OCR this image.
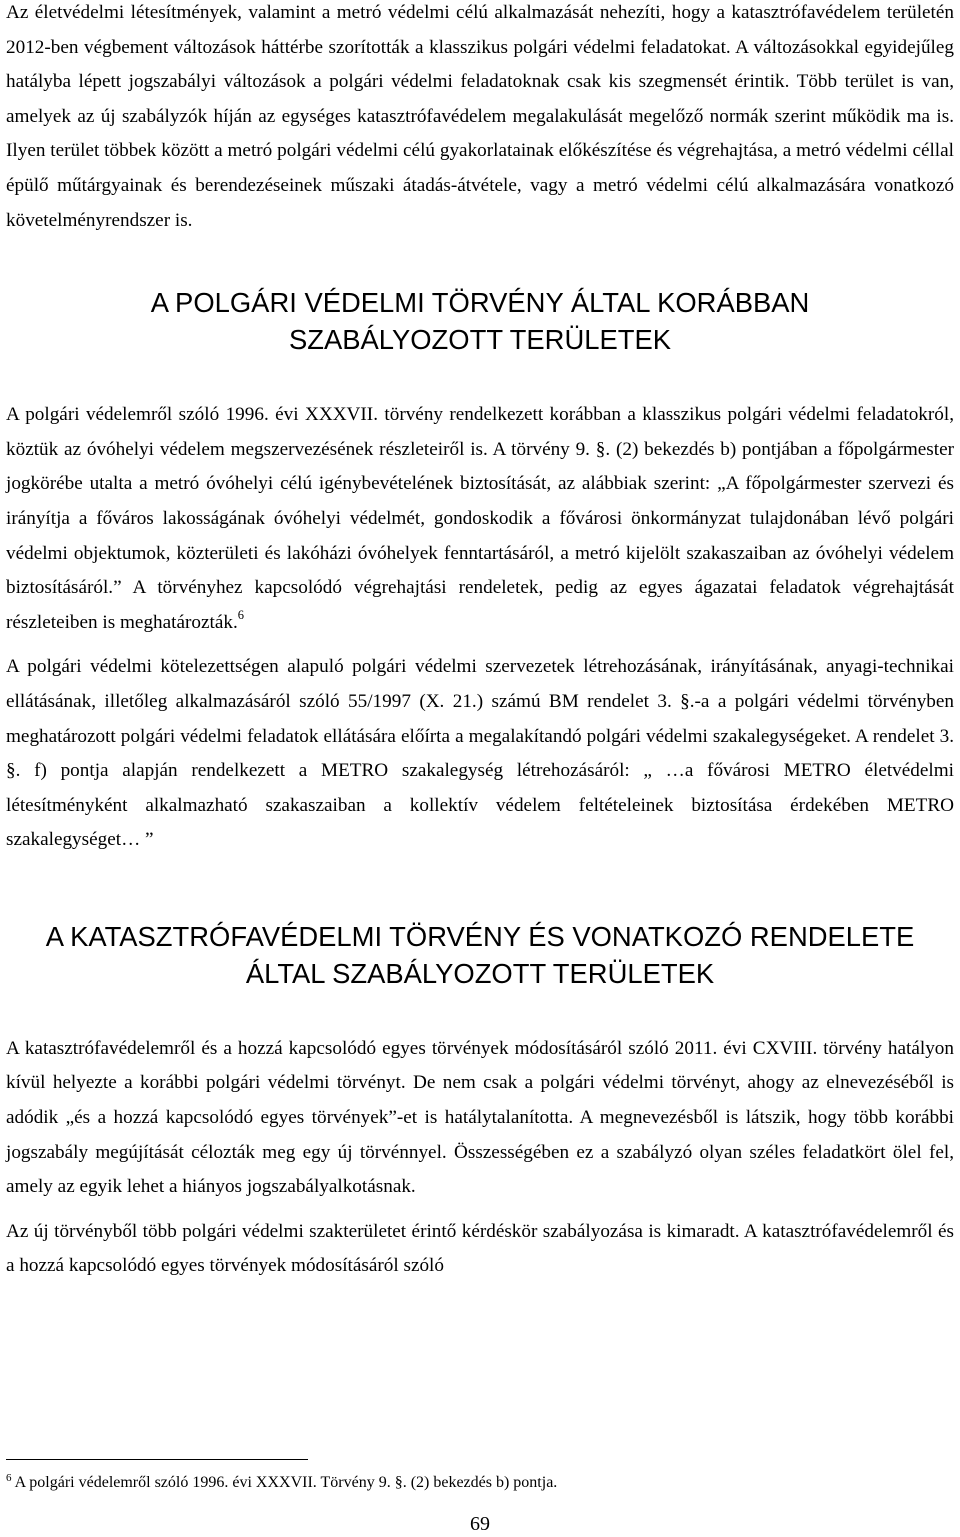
Az életvédelmi létesítmények, valamint a metró védelmi célú alkalmazását nehezíti, hogy a katasztrófavédelem területén 2012-ben végbement változások háttérbe szorították a klasszikus polgári védelmi feladatokat. A változásokkal egyidejűleg hatályba lépett jogszabályi változások a polgári védelmi feladatoknak csak kis szegmensét érintik. Több terület is van, amelyek az új szabályzók híján az egységes katasztrófavédelem megalakulását megelőző normák szerint működik ma is. Ilyen terület többek között a metró polgári védelmi célú gyakorlatainak előkészítése és végrehajtása, a metró védelmi céllal épülő műtárgyainak és berendezéseinek műszaki átadás-átvétele, vagy a metró védelmi célú alkalmazására vonatkozó követelményrendszer is.

A POLGÁRI VÉDELMI TÖRVÉNY ÁLTAL KORÁBBAN
SZABÁLYOZOTT TERÜLETEK

A polgári védelemről szóló 1996. évi XXXVII. törvény rendelkezett korábban a klasszikus polgári védelmi feladatokról, köztük az óvóhelyi védelem megszervezésének részleteiről is. A törvény 9. §. (2) bekezdés b) pontjában a főpolgármester jogkörébe utalta a metró óvóhelyi célú igénybevételének biztosítását, az alábbiak szerint: „A főpolgármester szervezi és irányítja a főváros lakosságának óvóhelyi védelmét, gondoskodik a fővárosi önkormányzat tulajdonában lévő polgári védelmi objektumok, közterületi és lakóházi óvóhelyek fenntartásáról, a metró kijelölt szakaszaiban az óvóhelyi védelem biztosításáról.” A törvényhez kapcsolódó végrehajtási rendeletek, pedig az egyes ágazatai feladatok végrehajtását részleteiben is meghatározták.$^6$

A polgári védelmi kötelezettségen alapuló polgári védelmi szervezetek létrehozásának, irányításának, anyagi-technikai ellátásának, illetőleg alkalmazásáról szóló 55/1997 (X. 21.) számú BM rendelet 3. §.-a a polgári védelmi törvényben meghatározott polgári védelmi feladatok ellátására előírta a megalakítandó polgári védelmi szakalegységeket. A rendelet 3. §. f) pontja alapján rendelkezett a METRO szakalegység létrehozásáról: „ …a fővárosi METRO életvédelmi létesítményként alkalmazható szakaszaiban a kollektív védelem feltételeinek biztosítása érdekében METRO szakalegységet… ”

A KATASZTRÓFAVÉDELMI TÖRVÉNY ÉS VONATKOZÓ RENDELETE
ÁLTAL SZABÁLYOZOTT TERÜLETEK

A katasztrófavédelemről és a hozzá kapcsolódó egyes törvények módosításáról szóló 2011. évi CXVIII. törvény hatályon kívül helyezte a korábbi polgári védelmi törvényt. De nem csak a polgári védelmi törvényt, ahogy az elnevezéséből is adódik „és a hozzá kapcsolódó egyes törvények”-et is hatálytalanította. A megnevezésből is látszik, hogy több korábbi jogszabály megújítását célozták meg egy új törvénnyel. Összességében ez a szabályzó olyan széles feladatkört ölel fel, amely az egyik lehet a hiányos jogszabályalkotásnak.

Az új törvényből több polgári védelmi szakterületet érintő kérdéskör szabályozása is kimaradt. A katasztrófavédelemről és a hozzá kapcsolódó egyes törvények módosításáról szóló

$^6$ A polgári védelemről szóló 1996. évi XXXVII. Törvény 9. §. (2) bekezdés b) pontja.

69
